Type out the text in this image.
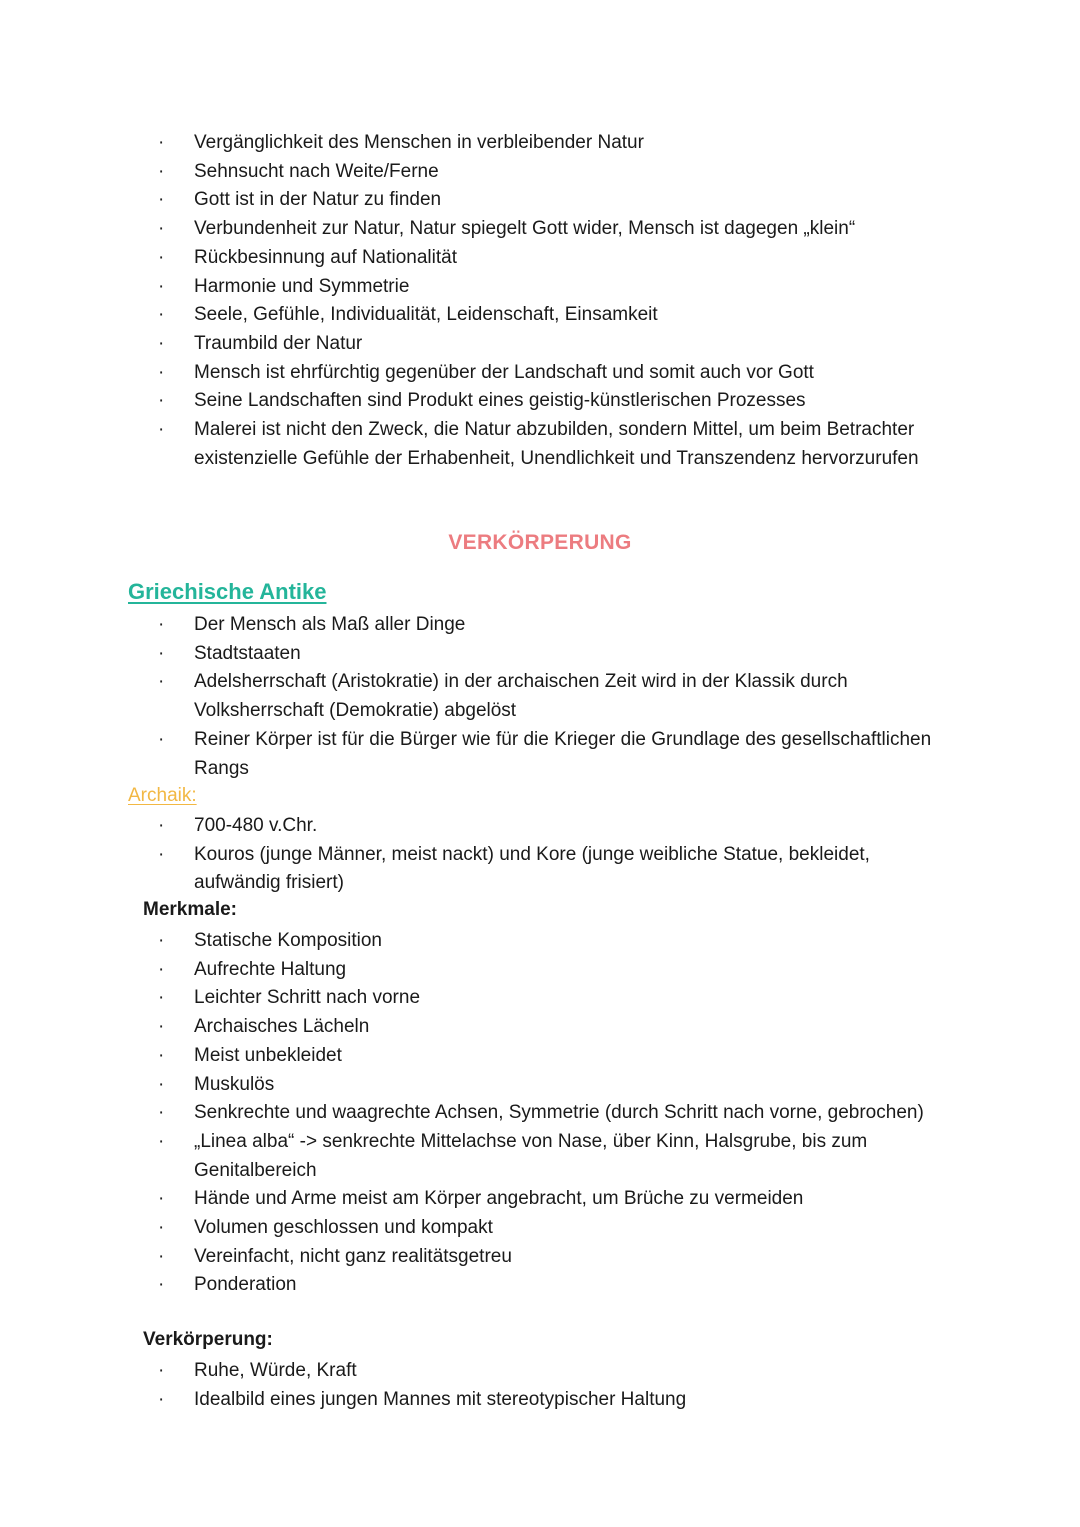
· Vergänglichkeit des Menschen in verbleibender Natur
· Sehnsucht nach Weite/Ferne
· Gott ist in der Natur zu finden
· Verbundenheit zur Natur, Natur spiegelt Gott wider, Mensch ist dagegen „klein“
· Rückbesinnung auf Nationalität
· Harmonie und Symmetrie
· Seele, Gefühle, Individualität, Leidenschaft, Einsamkeit
· Traumbild der Natur
· Mensch ist ehrfürchtig gegenüber der Landschaft und somit auch vor Gott
· Seine Landschaften sind Produkt eines geistig-künstlerischen Prozesses
· Malerei ist nicht den Zweck, die Natur abzubilden, sondern Mittel, um beim Betrachter existenzielle Gefühle der Erhabenheit, Unendlichkeit und Transzendenz hervorzurufen
VERKÖRPERUNG
Griechische Antike
· Der Mensch als Maß aller Dinge
· Stadtstaaten
· Adelsherrschaft (Aristokratie) in der archaischen Zeit wird in der Klassik durch Volksherrschaft (Demokratie) abgelöst
· Reiner Körper ist für die Bürger wie für die Krieger die Grundlage des gesellschaftlichen Rangs
Archaik:
· 700-480 v.Chr.
· Kouros (junge Männer, meist nackt) und Kore (junge weibliche Statue, bekleidet, aufwändig frisiert)
Merkmale:
· Statische Komposition
· Aufrechte Haltung
· Leichter Schritt nach vorne
· Archaisches Lächeln
· Meist unbekleidet
· Muskulös
· Senkrechte und waagrechte Achsen, Symmetrie (durch Schritt nach vorne, gebrochen)
· „Linea alba“ -> senkrechte Mittelachse von Nase, über Kinn, Halsgrube, bis zum Genitalbereich
· Hände und Arme meist am Körper angebracht, um Brüche zu vermeiden
· Volumen geschlossen und kompakt
· Vereinfacht, nicht ganz realitätsgetreu
· Ponderation
Verkörperung:
· Ruhe, Würde, Kraft
· Idealbild eines jungen Mannes mit stereotypischer Haltung
